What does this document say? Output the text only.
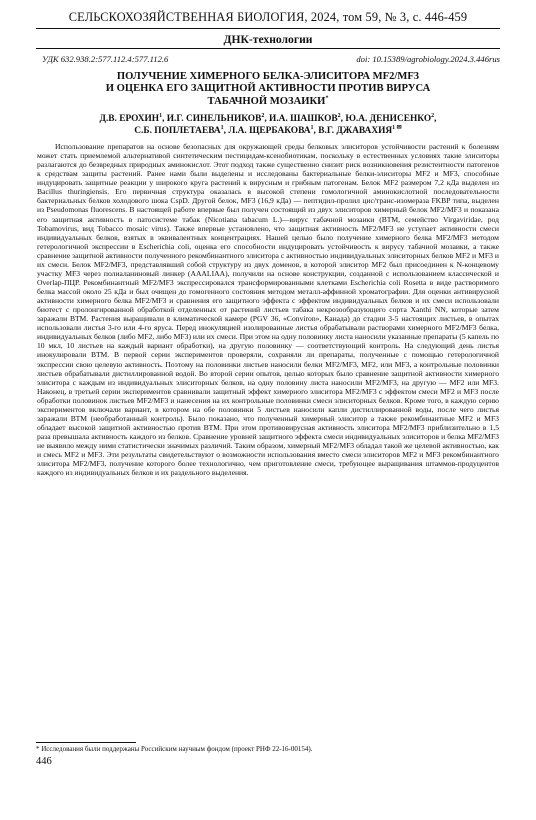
СЕЛЬСКОХОЗЯЙСТВЕННАЯ БИОЛОГИЯ, 2024, том 59, № 3, с. 446-459
ДНК-технологии
УДК 632.938.2:577.112.4:577.112.6	doi: 10.15389/agrobiology.2024.3.446rus
ПОЛУЧЕНИЕ ХИМЕРНОГО БЕЛКА-ЭЛИСИТОРА MF2/MF3
И ОЦЕНКА ЕГО ЗАЩИТНОЙ АКТИВНОСТИ ПРОТИВ ВИРУСА
ТАБАЧНОЙ МОЗАИКИ*
Д.В. ЕРОХИН$^1$, И.Г. СИНЕЛЬНИКОВ$^2$, И.А. ШАШКОВ$^2$, Ю.А. ДЕНИСЕНКО$^2$,
С.Б. ПОПЛЕТАЕВА$^1$, Л.А. ЩЕРБАКОВА$^1$, В.Г. $ДЖАВАХИЯ^{1 ✉}$

Использование препаратов на основе безопасных для окружающей среды белковых элиситоров устойчивости растений к болезням может стать приемлемой альтернативой синтетическим пестицидам-ксенобиотикам, поскольку в естественных условиях такие элиситоры разлагаются до безвредных природных аминокислот. Этот подход также существенно снизит риск возникновения резистентности патогенов к средствам защиты растений. Ранее нами были выделены и исследованы бактериальные белки-элиситоры MF2 и MF3, способные индуцировать защитные реакции у широкого круга растений к вирусным и грибным патогенам. Белок MF2 размером 7,2 кДа выделен из Bacillus thuringiensis. Его первичная структура оказалась в высокой степени гомологичной аминокислотной последовательности бактериальных белков холодового шока CspD. Другой белок, MF3 (16,9 кДа) — пептидил-пролил цис/транс-изомераза FKBP типа, выделен из Pseudomonas fluorescens. В настоящей работе впервые был получен состоящий из двух элиситоров химерный белок MF2/MF3 и показана его защитная активность в патосистеме табак (Nicotiana tabacum L.)—вирус табачной мозаики (ВТМ, семейство Virgaviridae, род Tobamovirus, вид Tobacco mosaic virus). Также впервые установлено, что защитная активность MF2/MF3 не уступает активности смеси индивидуальных белков, взятых в эквивалентных концентрациях. Нашей целью было получение химерного белка MF2/MF3 методом гетерологичной экспрессии в Escherichia coli, оценка его способности индуцировать устойчивость к вирусу табачной мозаики, а также сравнение защитной активности полученного рекомбинантного элиситора с активностью индивидуальных элиситорных белков MF2 и MF3 и их смеси. Белок MF2/MF3, представлявший собой структуру из двух доменов, в которой элиситор MF2 был присоединен к N-концевому участку MF3 через полиаланиновый линкер (AAALIAA), получили на основе конструкции, созданной с использованием классической и Overlap-ПЦР. Рекомбинантный MF2/MF3 экспрессировался трансформированными клетками Escherichia coli Rosetta в виде растворимого белка массой около 25 кДа и был очищен до гомогенного состояния методом металл-аффинной хроматографии. Для оценки антивирусной активности химерного белка MF2/MF3 и сравнения его защитного эффекта с эффектом индивидуальных белков и их смеси использовали биотест с пролонгированной обработкой отделенных от растений листьев табака некрозообразующего сорта Xanthi NN, которые затем заражали ВТМ. Растения выращивали в климатической камере (PGV 36, «Conviron», Канада) до стадии 3-5 настоящих листьев, в опытах использовали листья 3-го или 4-го яруса. Перед инокуляцией изолированные листья обрабатывали растворами химерного MF2/MF3 белка, индивидуальных белков (либо MF2, либо MF3) или их смеси. При этом на одну половинку листа наносили указанные препараты (5 капель по 10 мкл, 10 листьев на каждый вариант обработки), на другую половинку — соответствующий контроль. На следующий день листья инокулировали ВТМ. В первой серии экспериментов проверяли, сохраняли ли препараты, полученные с помощью гетерологичной экспрессии свою целевую активность. Поэтому на половинки листьев наносили белки MF2/MF3, MF2, или MF3, а контрольные половинки листьев обрабатывали дистиллированной водой. Во второй серии опытов, целью которых было сравнение защитной активности химерного элиситора с каждым из индивидуальных элиситорных белков, на одну половину листа наносили MF2/MF3, на другую — MF2 или MF3. Наконец, в третьей серии экспериментов сравнивали защитный эффект химерного элиситора MF2/MF3 с эффектом смеси MF2 и MF3 после обработки половинок листьев MF2/MF3 и нанесения на их контрольные половинки смеси элиситорных белков. Кроме того, в каждую серию экспериментов включали вариант, в котором на обе половинки 5 листьев наносили капли дистиллированной воды, после чего листья заражали ВТМ (необработанный контроль). Было показано, что полученный химерный элиситор а также рекомбинантные MF2 и MF3 обладает высокой защитной активностью против ВТМ. При этом противовирусная активность элиситора MF2/MF3 приблизительно в 1,5 раза превышала активность каждого из белков. Сравнение уровней защитного эффекта смеси индивидуальных элиситоров и белка MF2/MF3 не выявило между ними статистически значимых различий. Таким образом, химерный MF2/MF3 обладал такой же целевой активностью, как и смесь MF2 и MF3. Эти результаты свидетельствуют о возможности использования вместо смеси элиситоров MF2 и MF3 рекомбинантного элиситора MF2/MF3, получение которого более технологично, чем приготовление смеси, требующее выращивания штаммов-продуцентов каждого из индивидуальных белков и их раздельного выделения.

* Исследования были поддержаны Российским научным фондом (проект РНФ 22-16-00154).
446
